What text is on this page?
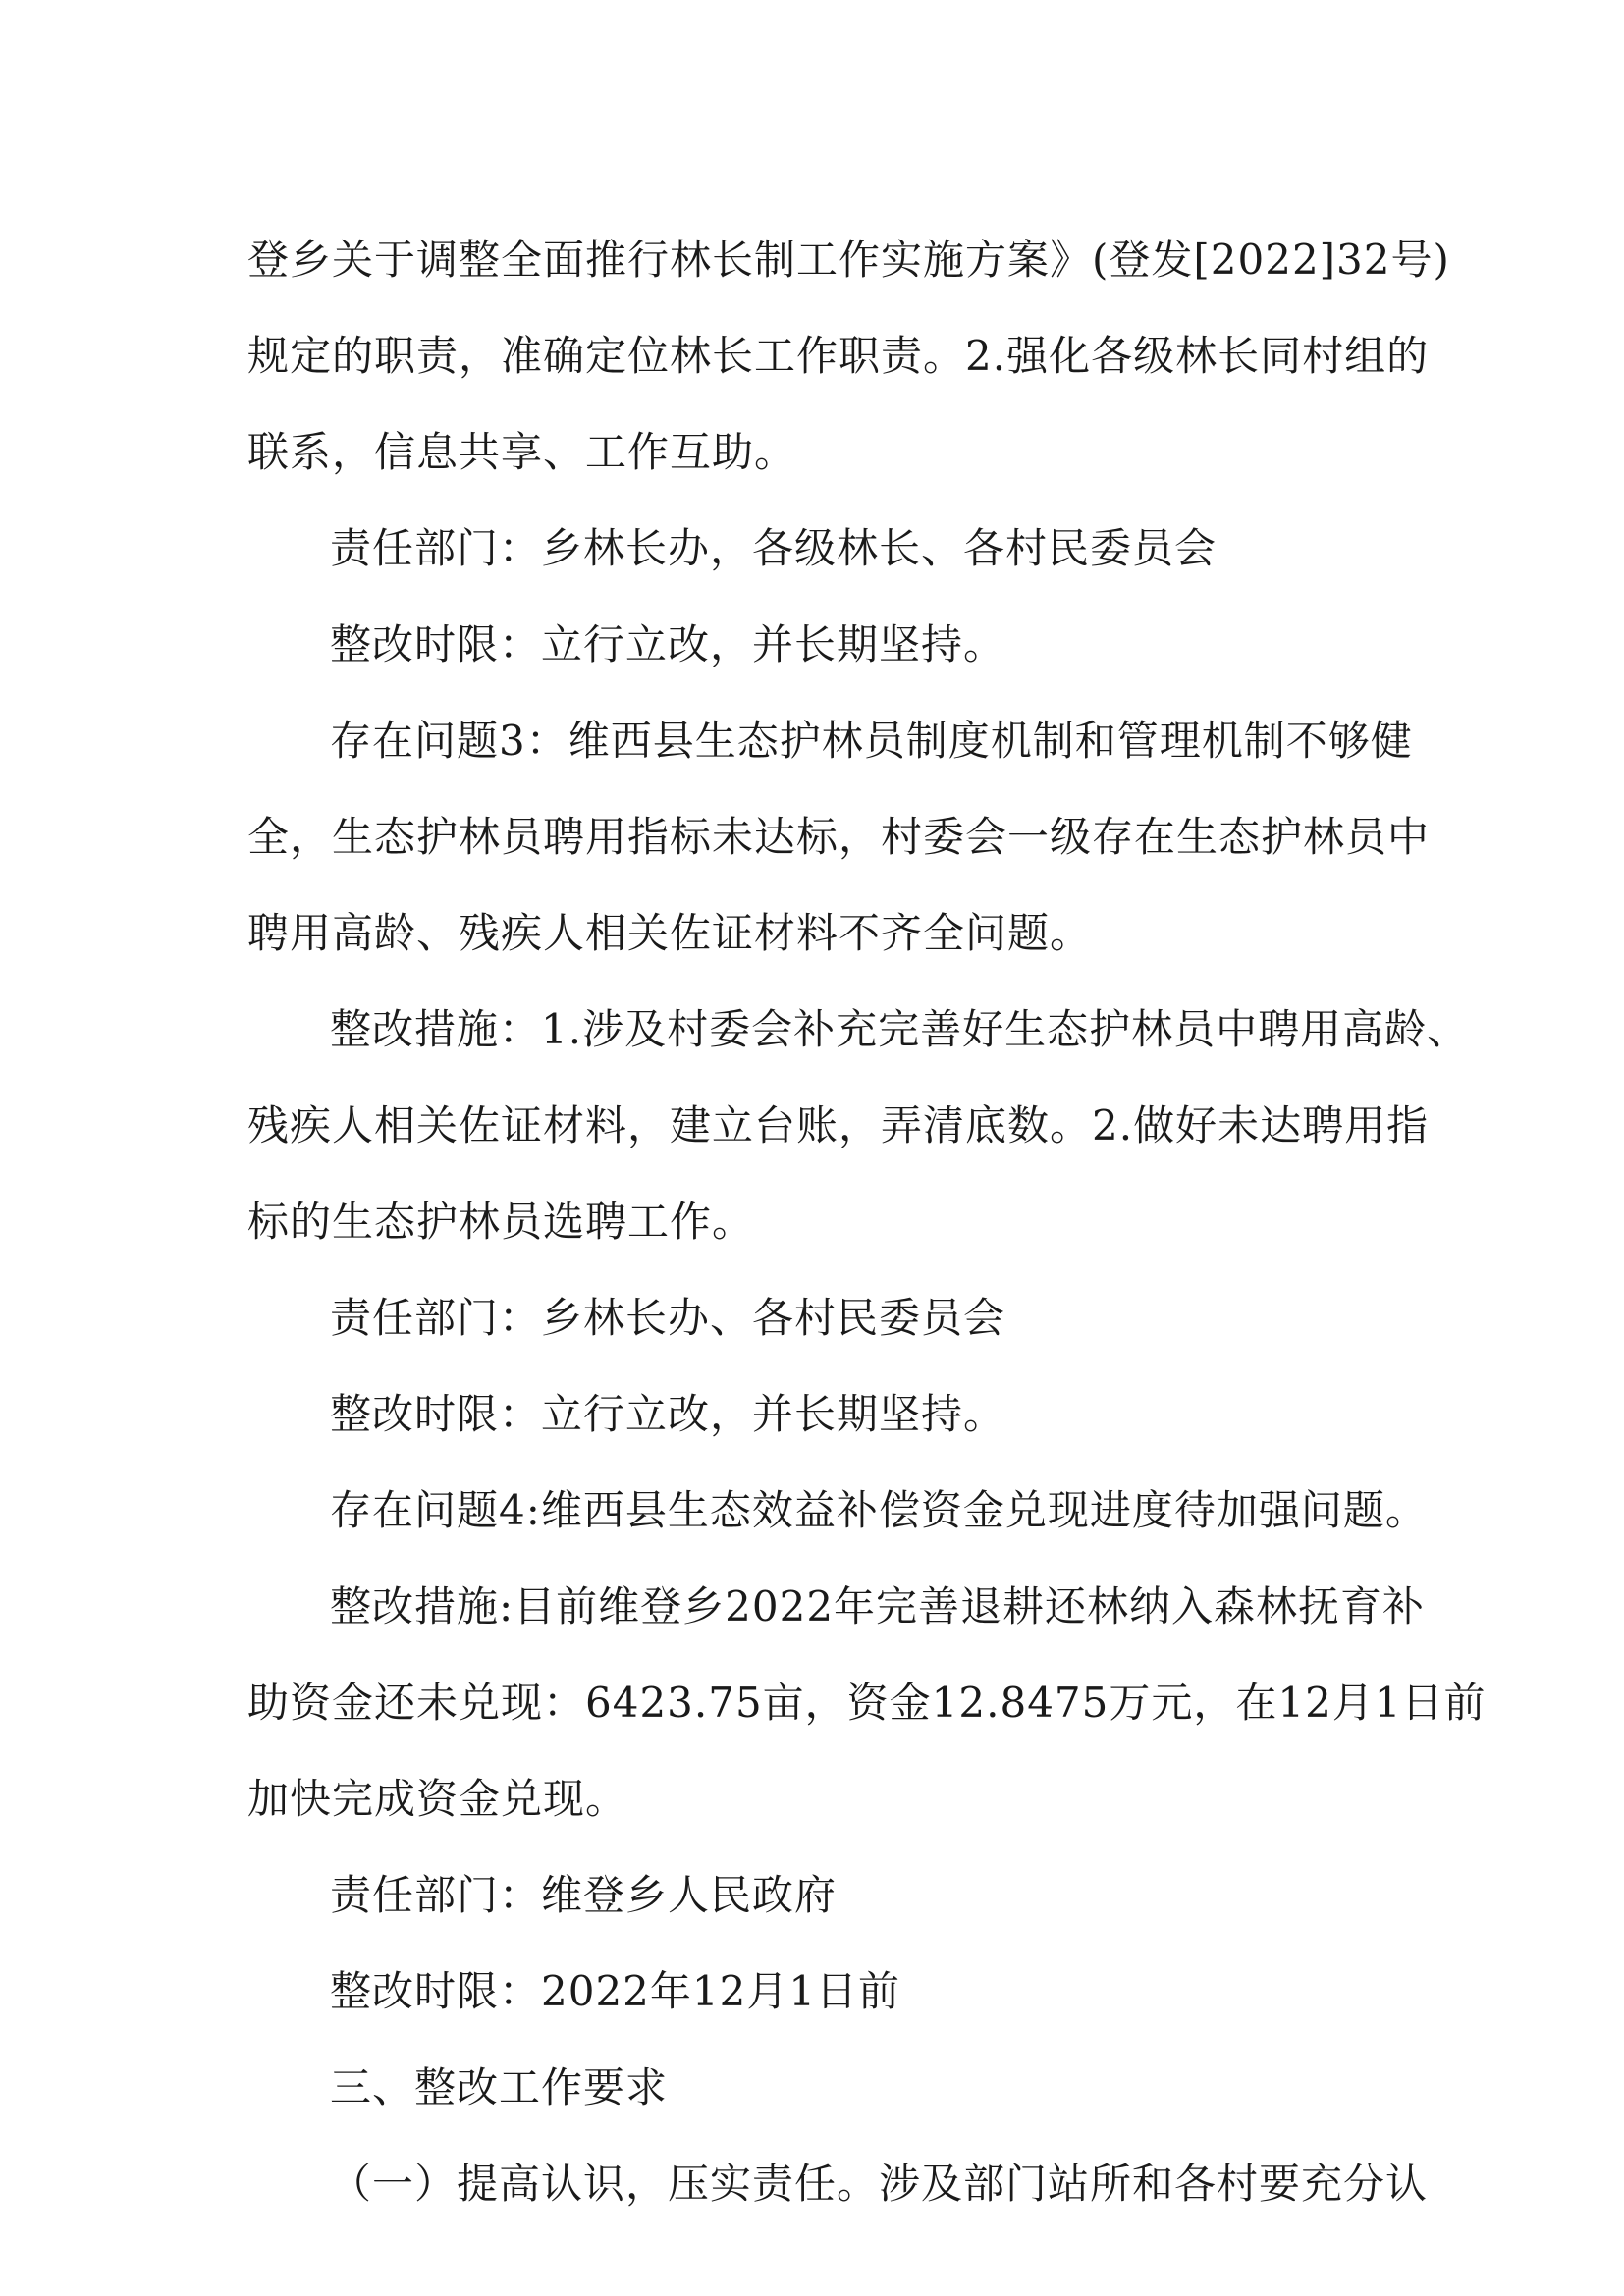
登乡关于调整全面推行林长制工作实施方案》(登发[2022]32号)
规定的职责，准确定位林长工作职责。2.强化各级林长同村组的
联系，信息共享、工作互助。
责任部门：乡林长办，各级林长、各村民委员会
整改时限：立行立改，并长期坚持。
存在问题3：维西县生态护林员制度机制和管理机制不够健
全，生态护林员聘用指标未达标，村委会一级存在生态护林员中
聘用高龄、残疾人相关佐证材料不齐全问题。
整改措施：1.涉及村委会补充完善好生态护林员中聘用高龄、
残疾人相关佐证材料，建立台账，弄清底数。2.做好未达聘用指
标的生态护林员选聘工作。
责任部门：乡林长办、各村民委员会
整改时限：立行立改，并长期坚持。
存在问题4:维西县生态效益补偿资金兑现进度待加强问题。
整改措施:目前维登乡2022年完善退耕还林纳入森林抚育补
助资金还未兑现：6423.75亩，资金12.8475万元，在12月1日前
加快完成资金兑现。
责任部门：维登乡人民政府
整改时限：2022年12月1日前
三、整改工作要求
（一）提高认识，压实责任。涉及部门站所和各村要充分认
